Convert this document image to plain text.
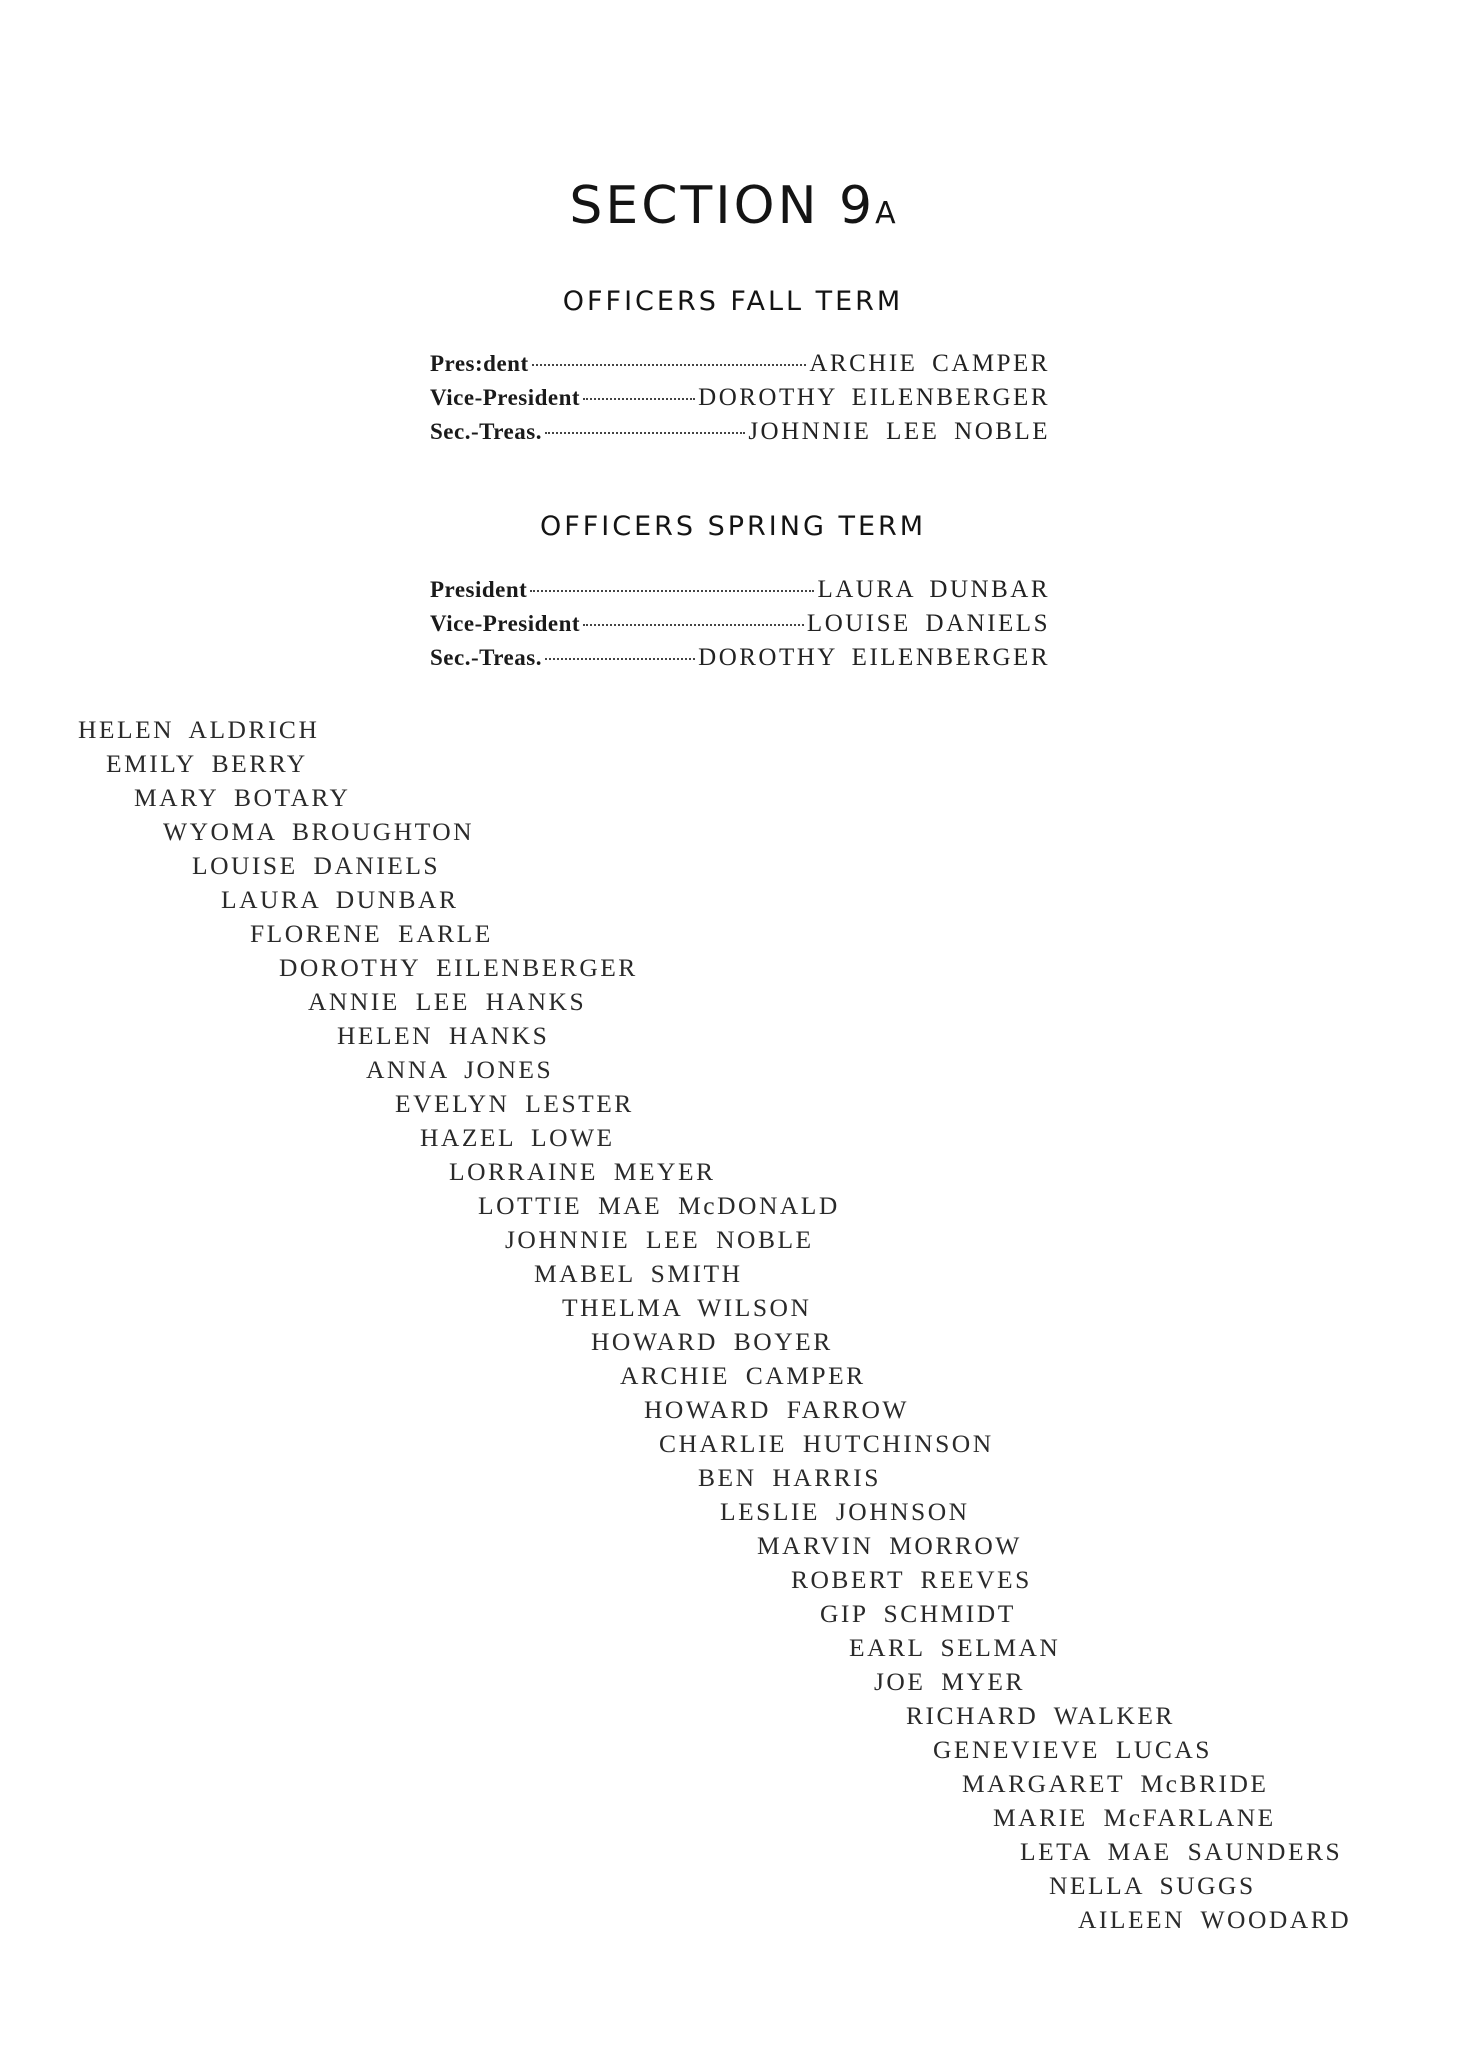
SECTION 9A
OFFICERS FALL TERM
Pres:dent	ARCHIE CAMPER
Vice-President	DOROTHY EILENBERGER
Sec.-Treas.	JOHNNIE LEE NOBLE
OFFICERS SPRING TERM
President	LAURA DUNBAR
Vice-President	LOUISE DANIELS
Sec.-Treas.	DOROTHY EILENBERGER
HELEN ALDRICH
EMILY BERRY
MARY BOTARY
WYOMA BROUGHTON
LOUISE DANIELS
LAURA DUNBAR
FLORENE EARLE
DOROTHY EILENBERGER
ANNIE LEE HANKS
HELEN HANKS
ANNA JONES
EVELYN LESTER
HAZEL LOWE
LORRAINE MEYER
LOTTIE MAE McDONALD
JOHNNIE LEE NOBLE
MABEL SMITH
THELMA WILSON
HOWARD BOYER
ARCHIE CAMPER
HOWARD FARROW
CHARLIE HUTCHINSON
BEN HARRIS
LESLIE JOHNSON
MARVIN MORROW
ROBERT REEVES
GIP SCHMIDT
EARL SELMAN
JOE MYER
RICHARD WALKER
GENEVIEVE LUCAS
MARGARET McBRIDE
MARIE McFARLANE
LETA MAE SAUNDERS
NELLA SUGGS
AILEEN WOODARD
